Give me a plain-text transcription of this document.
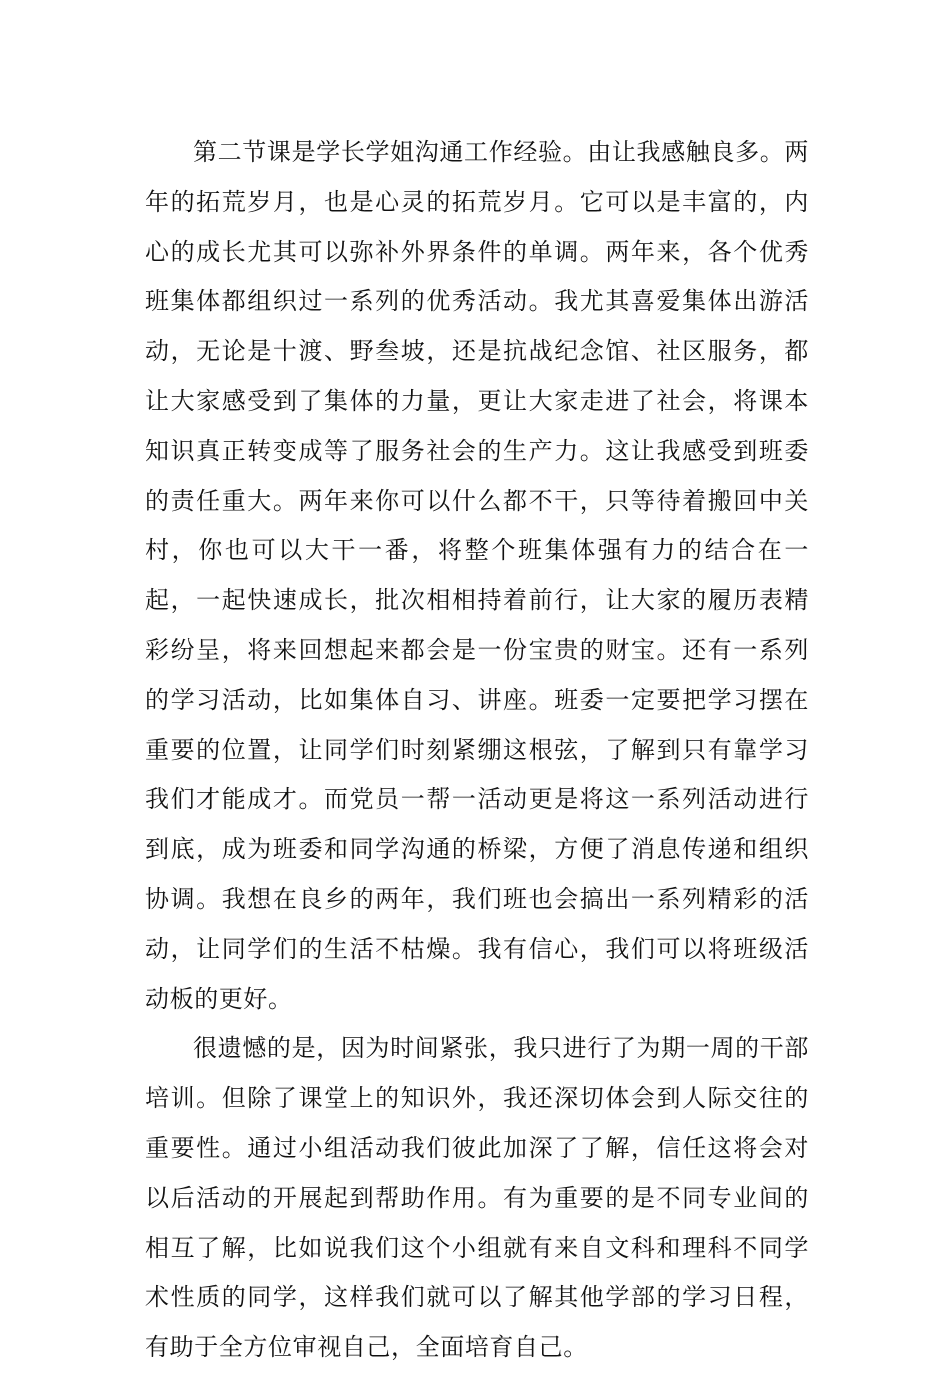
第二节课是学长学姐沟通工作经验。由让我感触良多。两年的拓荒岁月，也是心灵的拓荒岁月。它可以是丰富的，内心的成长尤其可以弥补外界条件的单调。两年来，各个优秀班集体都组织过一系列的优秀活动。我尤其喜爱集体出游活动，无论是十渡、野叁坡，还是抗战纪念馆、社区服务，都让大家感受到了集体的力量，更让大家走进了社会，将课本知识真正转变成等了服务社会的生产力。这让我感受到班委的责任重大。两年来你可以什么都不干，只等待着搬回中关村，你也可以大干一番，将整个班集体强有力的结合在一起，一起快速成长，批次相相持着前行，让大家的履历表精彩纷呈，将来回想起来都会是一份宝贵的财宝。还有一系列的学习活动，比如集体自习、讲座。班委一定要把学习摆在重要的位置，让同学们时刻紧绷这根弦，了解到只有靠学习我们才能成才。而党员一帮一活动更是将这一系列活动进行到底，成为班委和同学沟通的桥梁，方便了消息传递和组织协调。我想在良乡的两年，我们班也会搞出一系列精彩的活动，让同学们的生活不枯燥。我有信心，我们可以将班级活动板的更好。

很遗憾的是，因为时间紧张，我只进行了为期一周的干部培训。但除了课堂上的知识外，我还深切体会到人际交往的重要性。通过小组活动我们彼此加深了了解，信任这将会对以后活动的开展起到帮助作用。有为重要的是不同专业间的相互了解，比如说我们这个小组就有来自文科和理科不同学术性质的同学，这样我们就可以了解其他学部的学习日程，有助于全方位审视自己，全面培育自己。
